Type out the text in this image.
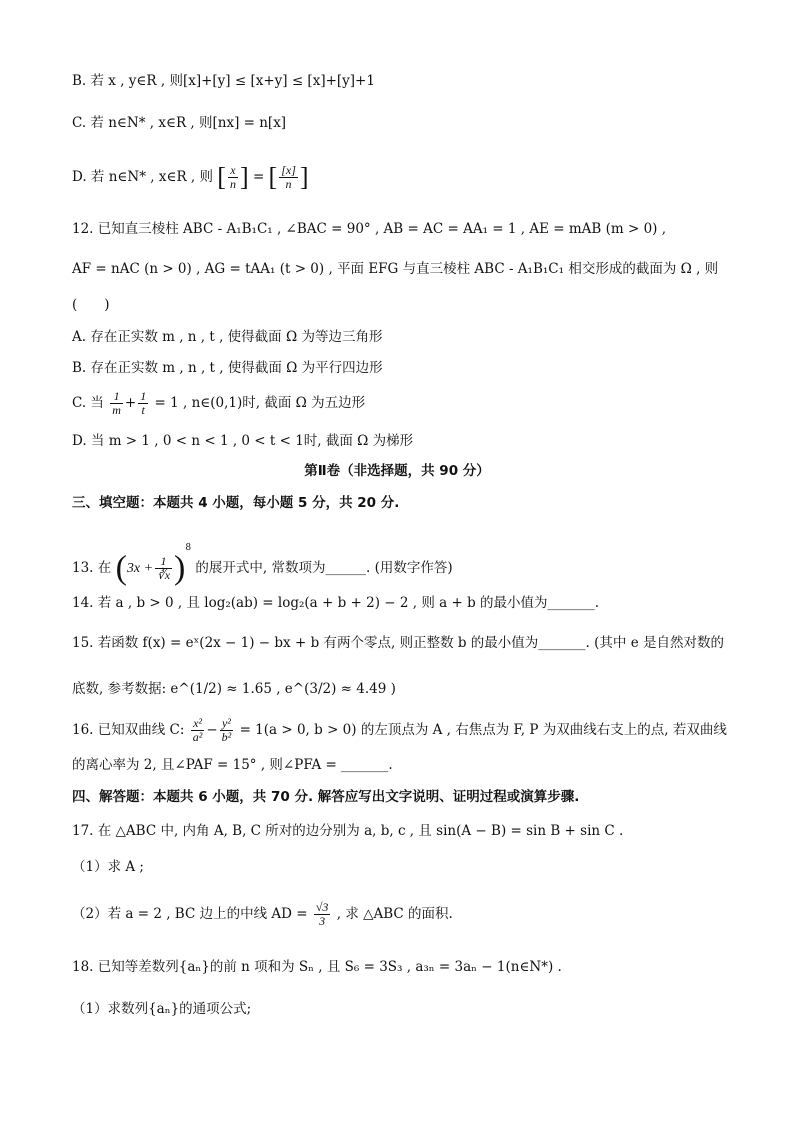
B. 若 x , y∈R , 则[x]+[y] ≤ [x+y] ≤ [x]+[y]+1
C. 若 n∈N* , x∈R , 则[nx] = n[x]
D. 若 n∈N* , x∈R , 则 [ $\frac{x}{n}$ ] = [ $\frac{[x]}{n}$ ]
12. 已知直三棱柱 ABC - A₁B₁C₁ , ∠BAC = 90° , AB = AC = AA₁ = 1 , AE = mAB (m > 0) ,
AF = nAC (n > 0) , AG = tAA₁ (t > 0) , 平面 EFG 与直三棱柱 ABC - A₁B₁C₁ 相交形成的截面为 Ω , 则
(　　)
A. 存在正实数 m , n , t , 使得截面 Ω 为等边三角形
B. 存在正实数 m , n , t , 使得截面 Ω 为平行四边形
C. 当 $\frac{1}{m} + \frac{1}{t} = 1$ , n∈(0,1)时, 截面 Ω 为五边形
D. 当 m > 1 , 0 < n < 1 , 0 < t < 1时, 截面 Ω 为梯形
第Ⅱ卷（非选择题，共 90 分）
三、填空题：本题共 4 小题，每小题 5 分，共 20 分.
13. 在 $(3x + \frac{1}{∛x} )^8$ 的展开式中, 常数项为______. (用数字作答)
14. 若 a , b > 0 , 且 log₂(ab) = log₂(a + b + 2) − 2 , 则 a + b 的最小值为_______.
15. 若函数 f(x) = eˣ(2x − 1) − bx + b 有两个零点, 则正整数 b 的最小值为_______. (其中 e 是自然对数的
底数, 参考数据: e^(1/2) ≈ 1.65 , e^(3/2) ≈ 4.49 )
16. 已知双曲线 C: $\frac{\text{x²}}{\text{a²}} - \frac{\text{y²}}{\text{b²}} = 1(a > 0$, b > 0) 的左顶点为 A , 右焦点为 F, P 为双曲线右支上的点, 若双曲线
的离心率为 2, 且∠PAF = 15° , 则∠PFA = _______.
四、解答题：本题共 6 小题，共 70 分. 解答应写出文字说明、证明过程或演算步骤.
17. 在 △ABC 中, 内角 A, B, C 所对的边分别为 a, b, c , 且 sin(A − B) = sin B + sin C .
（1）求 A ;
（2）若 a = 2 , BC 边上的中线 AD = $\frac{√3}{3}$ , 求 △ABC 的面积.
18. 已知等差数列{aₙ}的前 n 项和为 Sₙ , 且 S₆ = 3S₃ , a₃ₙ = 3aₙ − 1(n∈N*) .
（1）求数列{aₙ}的通项公式;
